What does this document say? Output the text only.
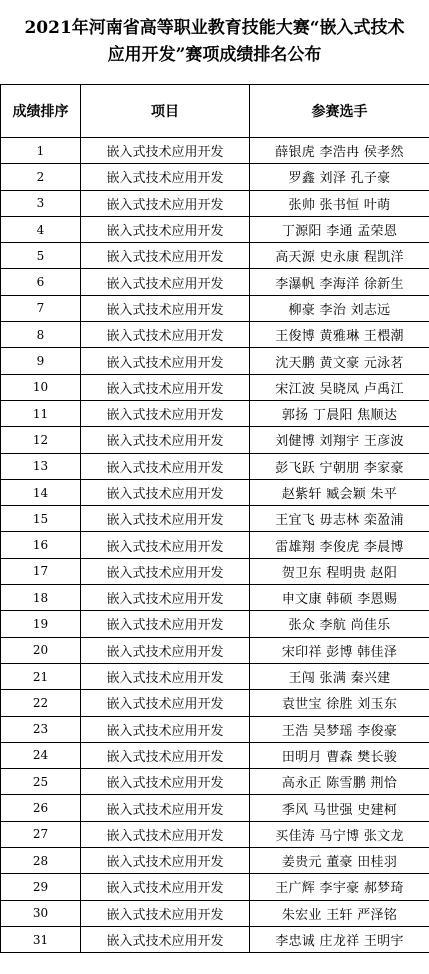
2021年河南省高等职业教育技能大赛“嵌入式技术
应用开发”赛项成绩排名公布
成绩排序	项目	参赛选手
1	嵌入式技术应用开发	薛银虎 李浩冉 侯孝然
2	嵌入式技术应用开发	罗鑫 刘泽 孔子豪
3	嵌入式技术应用开发	张帅 张书恒 叶萌
4	嵌入式技术应用开发	丁源阳 李通 孟荣恩
5	嵌入式技术应用开发	高天源 史永康 程凯洋
6	嵌入式技术应用开发	李瀑帆 李海洋 徐新生
7	嵌入式技术应用开发	柳豪 李治 刘志远
8	嵌入式技术应用开发	王俊博 黄雅琳 王椳潮
9	嵌入式技术应用开发	沈天鹏 黄文豪 元泳茗
10	嵌入式技术应用开发	宋江波 吴晓凤 卢禹江
11	嵌入式技术应用开发	郭扬 丁晨阳 焦顺达
12	嵌入式技术应用开发	刘健博 刘翔宇 王彦波
13	嵌入式技术应用开发	彭飞跃 宁朝朋 李家豪
14	嵌入式技术应用开发	赵紫轩 臧会颖 朱平
15	嵌入式技术应用开发	王宜飞 毋志林 栾盈浦
16	嵌入式技术应用开发	雷雄翔 李俊虎 李晨博
17	嵌入式技术应用开发	贺卫东 程明贵 赵阳
18	嵌入式技术应用开发	申文康 韩硕 李恩赐
19	嵌入式技术应用开发	张众 李航 尚佳乐
20	嵌入式技术应用开发	宋印祥 彭博 韩佳泽
21	嵌入式技术应用开发	王闯 张满 秦兴建
22	嵌入式技术应用开发	袁世宝 徐胜 刘玉东
23	嵌入式技术应用开发	王浩 吴梦瑶 李俊豪
24	嵌入式技术应用开发	田明月 曹森 樊长骏
25	嵌入式技术应用开发	高永正 陈雪鹏 荆恰
26	嵌入式技术应用开发	季风 马世强 史建柯
27	嵌入式技术应用开发	买佳涛 马宁博 张文龙
28	嵌入式技术应用开发	姜贵元 董豪 田桂羽
29	嵌入式技术应用开发	王广辉 李宇豪 郝梦琦
30	嵌入式技术应用开发	朱宏业 王轩 严泽铭
31	嵌入式技术应用开发	李忠诚 庄龙祥 王明宇
